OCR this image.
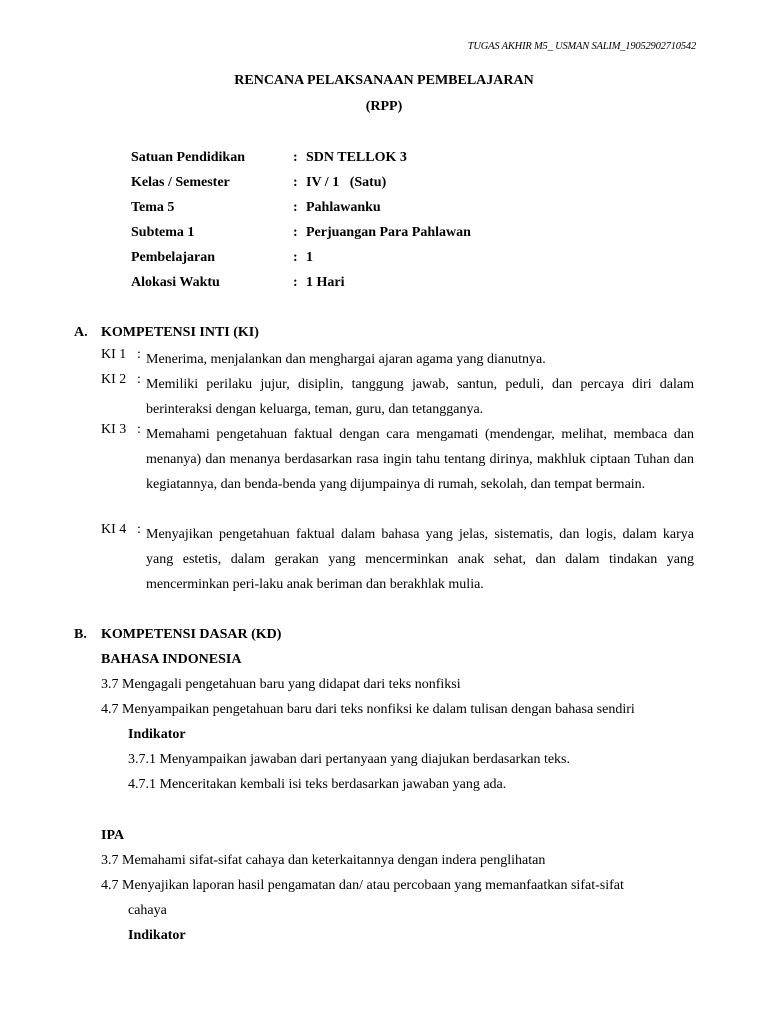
TUGAS AKHIR M5_ USMAN SALIM_19052902710542
RENCANA PELAKSANAAN PEMBELAJARAN
(RPP)
Satuan Pendidikan	: SDN TELLOK 3
Kelas / Semester	: IV / 1   (Satu)
Tema 5	: Pahlawanku
Subtema 1	: Perjuangan Para Pahlawan
Pembelajaran	: 1
Alokasi Waktu	: 1 Hari
A. KOMPETENSI INTI (KI)
KI 1 : Menerima, menjalankan dan menghargai ajaran agama yang dianutnya.
KI 2 : Memiliki perilaku jujur, disiplin, tanggung jawab, santun, peduli, dan percaya diri dalam berinteraksi dengan keluarga, teman, guru, dan tetangganya.
KI 3 : Memahami pengetahuan faktual dengan cara mengamati (mendengar, melihat, membaca dan menanya) dan menanya berdasarkan rasa ingin tahu tentang dirinya, makhluk ciptaan Tuhan dan kegiatannya, dan benda-benda yang dijumpainya di rumah, sekolah, dan tempat bermain.
KI 4 : Menyajikan pengetahuan faktual dalam bahasa yang jelas, sistematis, dan logis, dalam karya yang estetis, dalam gerakan yang mencerminkan anak sehat, dan dalam tindakan yang mencerminkan peri-laku anak beriman dan berakhlak mulia.
B. KOMPETENSI DASAR (KD)
BAHASA INDONESIA
3.7 Mengagali pengetahuan baru yang didapat dari teks nonfiksi
4.7 Menyampaikan pengetahuan baru dari teks nonfiksi ke dalam tulisan dengan bahasa sendiri
Indikator
3.7.1 Menyampaikan jawaban dari pertanyaan yang diajukan berdasarkan teks.
4.7.1 Menceritakan kembali isi teks berdasarkan jawaban yang ada.
IPA
3.7 Memahami sifat-sifat cahaya dan keterkaitannya dengan indera penglihatan
4.7 Menyajikan laporan hasil pengamatan dan/ atau percobaan yang memanfaatkan sifat-sifat
cahaya
Indikator
